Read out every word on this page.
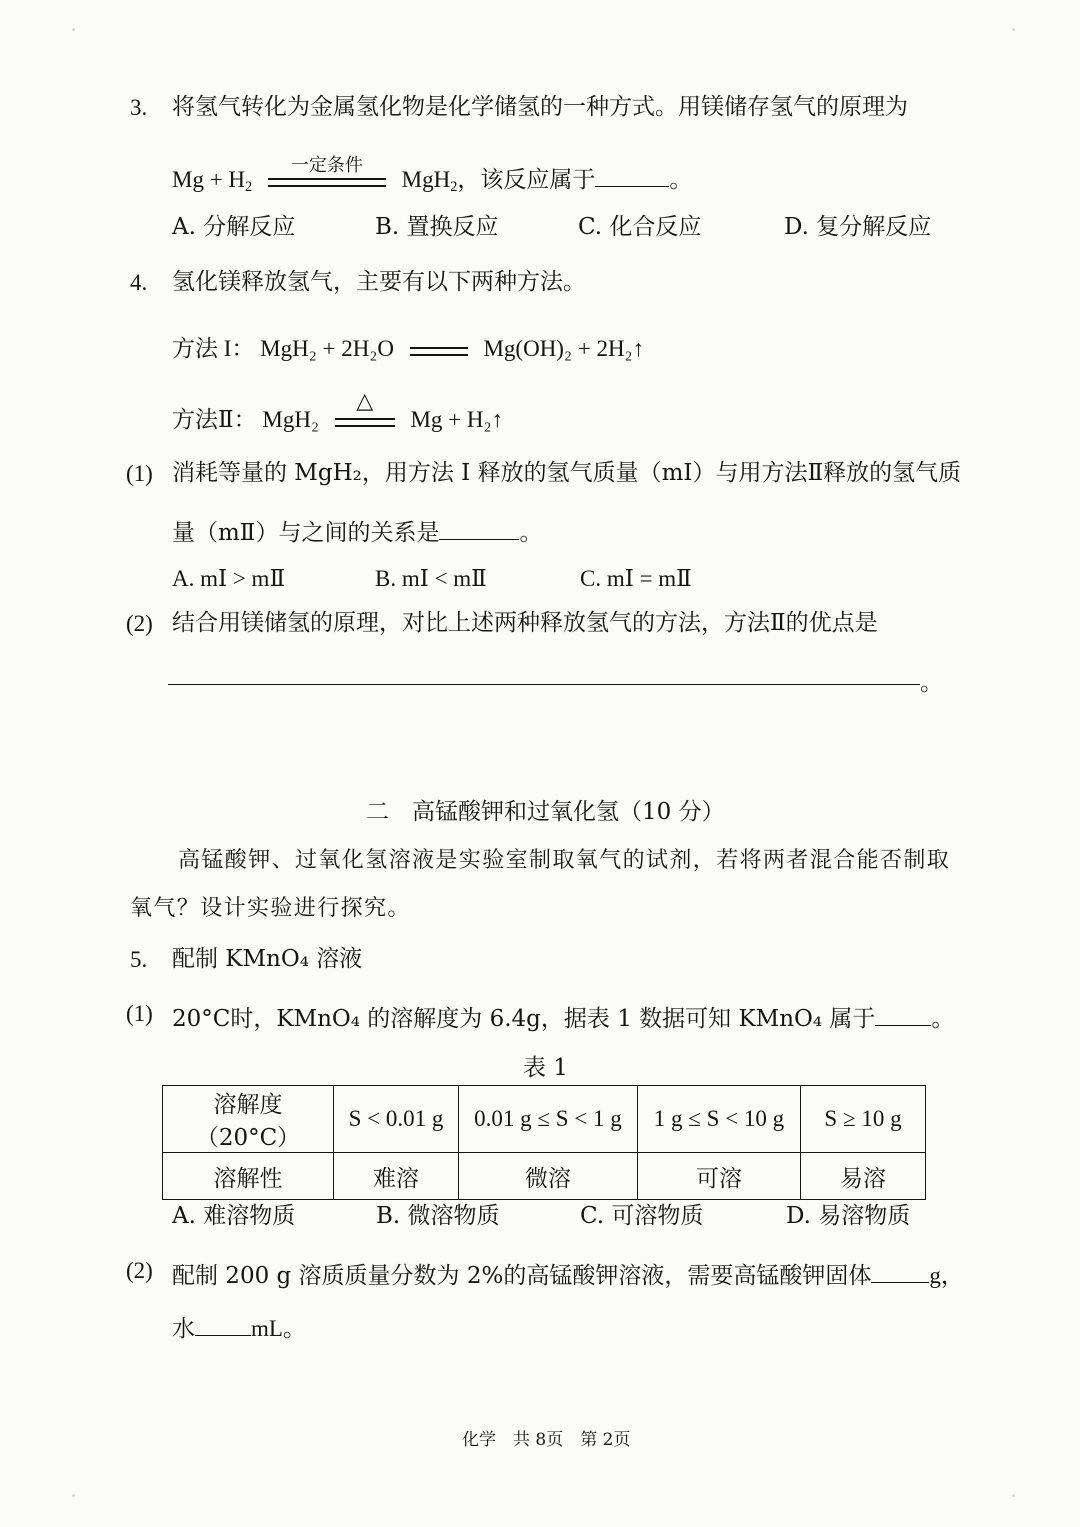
3. 将氢气转化为金属氢化物是化学储氢的一种方式。用镁储存氢气的原理为
$Mg + H_2$
一定条件
MgH$_2$，该反应属于	。
A. 分解反应	B. 置换反应	C. 化合反应	D. 复分解反应
4. 氢化镁释放氢气，主要有以下两种方法。
方法 I： MgH₂ + 2H₂O	Mg(OH)₂ + 2H₂↑
方法Ⅱ： MgH₂
△
Mg + H₂↑
(1) 消耗等量的 MgH₂，用方法 I 释放的氢气质量（mⅠ）与用方法Ⅱ释放的氢气质
量（mⅡ）与之间的关系是	。
A. mⅠ > mⅡ	B. mⅠ < mⅡ	C. mⅠ = mⅡ
(2) 结合用镁储氢的原理，对比上述两种释放氢气的方法，方法Ⅱ的优点是
。
二　高锰酸钾和过氧化氢（10 分）
高锰酸钾、过氧化氢溶液是实验室制取氧气的试剂，若将两者混合能否制取
氧气？设计实验进行探究。
5. 配制 KMnO₄ 溶液
(1) 20°C时，KMnO₄ 的溶解度为 6.4g，据表 1 数据可知 KMnO₄ 属于 。
表 1
溶解度（20°C）	S < 0.01 g	0.01 g ≤ S < 1 g	1 g ≤ S < 10 g	S ≥ 10 g
溶解性	难溶	微溶	可溶	易溶
A. 难溶物质	B. 微溶物质	C. 可溶物质	D. 易溶物质
(2) 配制 200 g 溶质质量分数为 2%的高锰酸钾溶液，需要高锰酸钾固体	g，
水 mL。
化学　共 8页　第 2页
